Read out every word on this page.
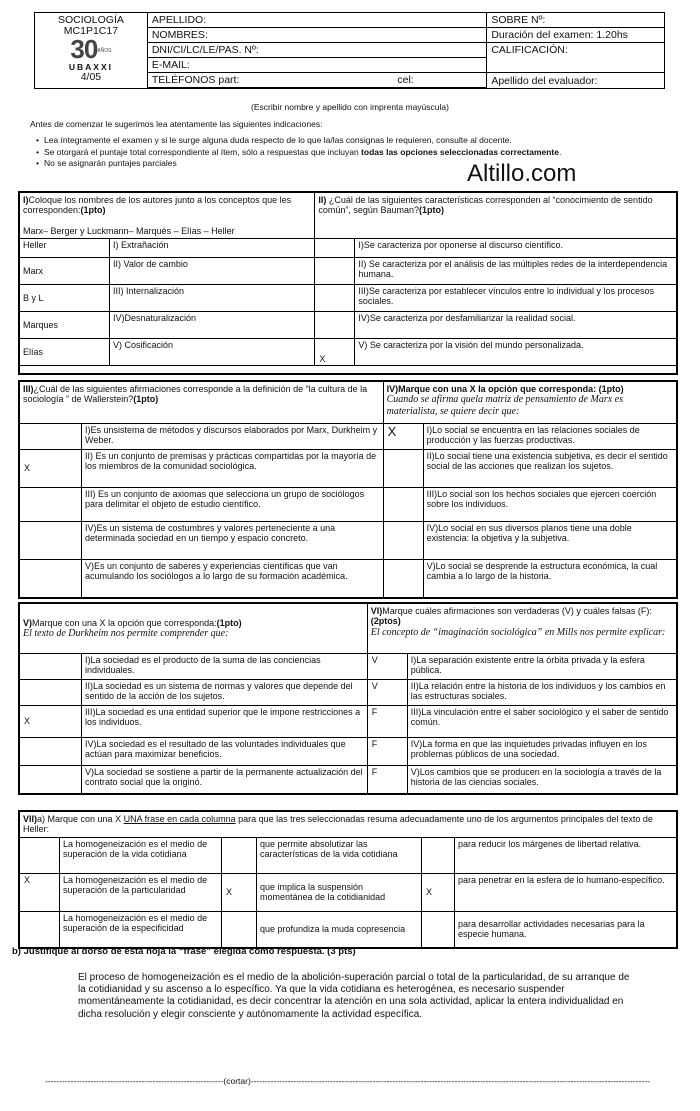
SOCIOLOGÍA
MC1P1C17
30AÑOS
UBAXXI
4/05	APELLIDO:	SOBRE Nº:
	NOMBRES:	Duración del examen: 1.20hs
	DNI/CI/LC/LE/PAS. Nº:	CALIFICACIÓN:
	E-MAIL:	
	TELÉFONOS part: cel:	Apellido del evaluador:

(Escribir nombre y apellido con imprenta mayúscula)
Antes de comenzar le sugerimos lea atentamente las siguientes indicaciones:
• Lea íntegramente el examen y si le surge alguna duda respecto de lo que la/las consignas le requieren, consulte al docente.
• Se otorgará el puntaje total correspondiente al ítem, sólo a respuestas que incluyan todas las opciones seleccionadas correctamente.
• No se asignarán puntajes parciales	Altillo.com
I)Coloque los nombres de los autores junto a los conceptos que les corresponden:(1pto)
Marx– Berger y Luckmann– Marqués – Elías – Heller		II) ¿Cuál de las siguientes características corresponden al “conocimiento de sentido común”, según Bauman?(1pto)	
Heller	I) Extrañación		I)Se caracteriza por oponerse al discurso científico.
Marx	II) Valor de cambio		II) Se caracteriza por el análisis de las múltiples redes de la interdependencia humana.
B y L	III) Internalización		III)Se caracteriza por establecer vínculos entre lo individual y los procesos sociales.
Marques	IV)Desnaturalización		IV)Se caracteriza por desfamiliarizar la realidad social.
Elías	V) Cosificación	X	V) Se caracteriza por la visión del mundo personalizada.

III)¿Cuál de las siguientes afirmaciones corresponde a la definición de “la cultura de la sociología ” de Wallerstein?(1pto)		IV)Marque con una X la opción que corresponda: (1pto)
Cuando se afirma quela matriz de pensamiento de Marx es materialista, se quiere decir que:	

	I)Es unsistema de métodos y discursos elaborados por Marx, Durkheim y Weber.	X	I)Lo social se encuentra en las relaciones sociales de producción y las fuerzas productivas.
X	II) Es un conjunto de premisas y prácticas compartidas por la mayoría de los miembros de la comunidad sociológica.		II)Lo social tiene una existencia subjetiva, es decir el sentido social de las acciones que realizan los sujetos.
	III) Es un conjunto de axiomas que selecciona un grupo de sociólogos para delimitar el objeto de estudio científico.		III)Lo social son los hechos sociales que ejercen coerción sobre los individuos.
	IV)Es un sistema de costumbres y valores perteneciente a una determinada sociedad en un tiempo y espacio concreto.		IV)Lo social en sus diversos planos tiene una doble existencia: la objetiva y la subjetiva.
	V)Es un conjunto de saberes y experiencias científicas que van acumulando los sociólogos a lo largo de su formación académica.		V)Lo social se desprende la estructura económica, la cual cambia a lo largo de la historia.
V)Marque con una X la opción que corresponda:(1pto)
El texto de Durkheim nos permite comprender que:		VI)Marque cuáles afirmaciones son verdaderas (V) y cuáles falsas (F):(2ptos)
El concepto de “imaginación sociológica” en Mills nos permite explicar:	

	I)La sociedad es el producto de la suma de las conciencias individuales.	V	I)La separación existente entre la órbita privada y la esfera pública.
	II)La sociedad es un sistema de normas y valores que depende del sentido de la acción de los sujetos.	V	II)La relación entre la historia de los individuos y los cambios en las estructuras sociales.
X	III)La sociedad es una entidad superior que le impone restricciones a los individuos.	F	III)La vinculación entre el saber sociológico y el saber de sentido común.
	IV)La sociedad es el resultado de las voluntades individuales que actúan para maximizar beneficios.	F	IV)La forma en que las inquietudes privadas influyen en los problemas públicos de una sociedad.
	V)La sociedad se sostiene a partir de la permanente actualización del contrato social que la originó.	F	V)Los cambios que se producen en la sociología a través de la historia de las ciencias sociales.
VII)a) Marque con una X UNA frase en cada columna para que las tres seleccionadas resuma adecuadamente uno de los argumentos principales del texto de Heller:					
	La homogeneización es el medio de superación de la vida cotidiana		que permite absolutizar las características de la vida cotidiana		para reducir los márgenes de libertad relativa.
X	La homogeneización es el medio de superación de la particularidad	X	que implica la suspensión momentánea de la cotidianidad	X	para penetrar en la esfera de lo humano-específico.
	La homogeneización es el medio de superación de la especificidad		que profundiza la muda copresencia		para desarrollar actividades necesarias para la especie humana.
b) Justifique al dorso de ésta hoja la “frase” elegida como respuesta. (3 pts)
El proceso de homogeneización es el medio de la abolición-superación parcial o total de la particularidad, de su arranque de la cotidianidad y su ascenso a lo específico. Ya que la vida cotidiana es heterogénea, es necesario suspender momentáneamente la cotidianidad, es decir concentrar la atención en una sola actividad, aplicar la entera individualidad en dicha resolución y elegir consciente y autónomamente la actividad específica.
---------------------------------------------------------------(cortar)---------------------------------------------------------------------------------------------------------------------------------------------
